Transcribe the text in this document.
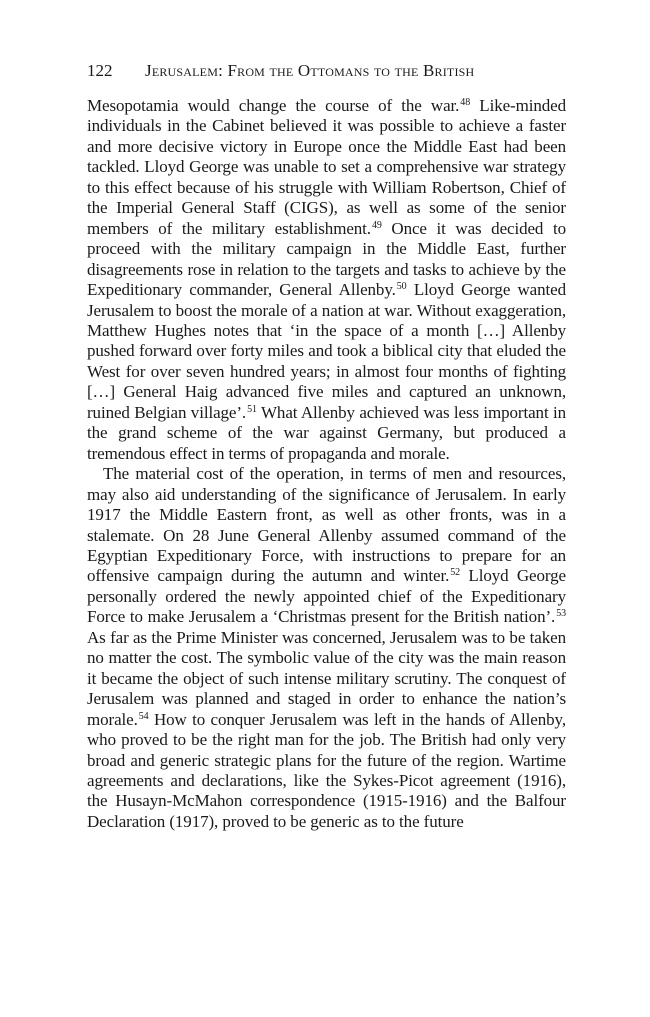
122 Jerusalem: From the Ottomans to the British

Mesopotamia would change the course of the war.$^{48}$ Like-minded individuals in the Cabinet believed it was possible to achieve a faster and more decisive victory in Europe once the Middle East had been tackled. Lloyd George was unable to set a comprehensive war strategy to this effect because of his struggle with William Robertson, Chief of the Imperial General Staff (CIGS), as well as some of the senior members of the military establishment.$^{49}$ Once it was decided to proceed with the military campaign in the Middle East, further disagreements rose in relation to the targets and tasks to achieve by the Expeditionary commander, General Allenby.$^{50}$ Lloyd George wanted Jerusalem to boost the morale of a nation at war. Without exaggeration, Matthew Hughes notes that ‘in the space of a month […] Allenby pushed forward over forty miles and took a biblical city that eluded the West for over seven hundred years; in almost four months of fighting […] General Haig advanced five miles and captured an unknown, ruined Belgian village’.$^{51}$ What Allenby achieved was less important in the grand scheme of the war against Germany, but produced a tremendous effect in terms of propaganda and morale.

The material cost of the operation, in terms of men and resources, may also aid understanding of the significance of Jerusalem. In early 1917 the Middle Eastern front, as well as other fronts, was in a stalemate. On 28 June General Allenby assumed command of the Egyptian Expeditionary Force, with instructions to prepare for an offensive campaign during the autumn and winter.$^{52}$ Lloyd George personally ordered the newly appointed chief of the Expeditionary Force to make Jerusalem a ‘Christmas present for the British nation’.$^{53}$ As far as the Prime Minister was concerned, Jerusalem was to be taken no matter the cost. The symbolic value of the city was the main reason it became the object of such intense military scrutiny. The conquest of Jerusalem was planned and staged in order to enhance the nation’s morale.$^{54}$ How to conquer Jerusalem was left in the hands of Allenby, who proved to be the right man for the job. The British had only very broad and generic strategic plans for the future of the region. Wartime agreements and declarations, like the Sykes-Picot agreement (1916), the Husayn-McMahon correspondence (1915-1916) and the Balfour Declaration (1917), proved to be generic as to the future
